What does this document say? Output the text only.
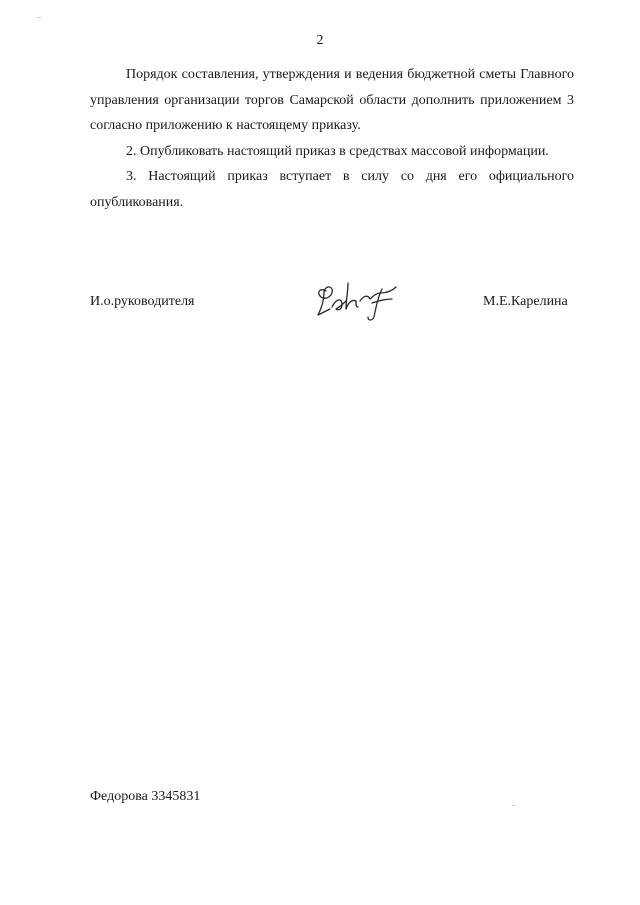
2

Порядок составления, утверждения и ведения бюджетной сметы Главного управления организации торгов Самарской области дополнить приложением 3 согласно приложению к настоящему приказу.

2. Опубликовать настоящий приказ в средствах массовой информации.

3. Настоящий приказ вступает в силу со дня его официального опубликования.

И.о.руководителя	М.Е.Карелина
Федорова 3345831
